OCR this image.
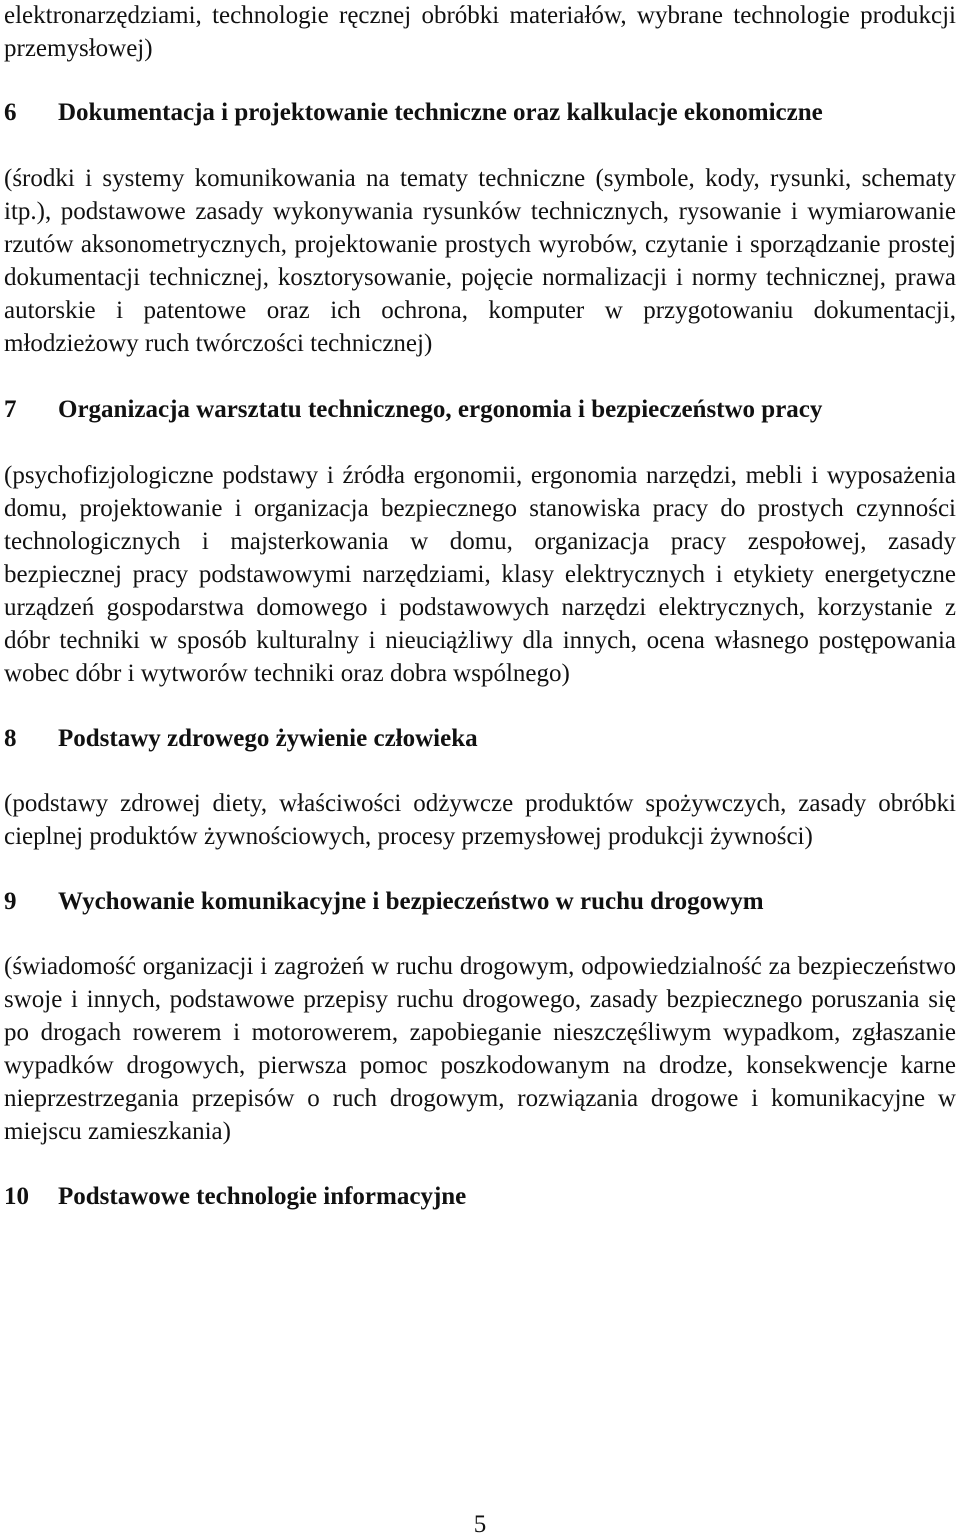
elektronarzędziami, technologie ręcznej obróbki materiałów, wybrane technologie produkcji przemysłowej)

6	Dokumentacja i projektowanie techniczne oraz kalkulacje ekonomiczne

(środki i systemy komunikowania na tematy techniczne (symbole, kody, rysunki, schematy itp.), podstawowe zasady wykonywania rysunków technicznych, rysowanie i wymiarowanie rzutów aksonometrycznych, projektowanie prostych wyrobów, czytanie i sporządzanie prostej dokumentacji technicznej, kosztorysowanie, pojęcie normalizacji i normy technicznej, prawa autorskie i patentowe oraz ich ochrona, komputer w przygotowaniu dokumentacji, młodzieżowy ruch twórczości technicznej)

7	Organizacja warsztatu technicznego, ergonomia i bezpieczeństwo pracy

(psychofizjologiczne podstawy i źródła ergonomii, ergonomia narzędzi, mebli i wyposażenia domu, projektowanie i organizacja bezpiecznego stanowiska pracy do prostych czynności technologicznych i majsterkowania w domu, organizacja pracy zespołowej, zasady bezpiecznej pracy podstawowymi narzędziami, klasy elektrycznych i etykiety energetyczne urządzeń gospodarstwa domowego i podstawowych narzędzi elektrycznych, korzystanie z dóbr techniki w sposób kulturalny i nieuciążliwy dla innych, ocena własnego postępowania wobec dóbr i wytworów techniki oraz dobra wspólnego)

8	Podstawy zdrowego żywienie człowieka

(podstawy zdrowej diety, właściwości odżywcze produktów spożywczych, zasady obróbki cieplnej produktów żywnościowych, procesy przemysłowej produkcji żywności)

9	Wychowanie komunikacyjne i bezpieczeństwo w ruchu drogowym

(świadomość organizacji i zagrożeń w ruchu drogowym, odpowiedzialność za bezpieczeństwo swoje i innych, podstawowe przepisy ruchu drogowego, zasady bezpiecznego poruszania się po drogach rowerem i motorowerem, zapobieganie nieszczęśliwym wypadkom, zgłaszanie wypadków drogowych, pierwsza pomoc poszkodowanym na drodze, konsekwencje karne nieprzestrzegania przepisów o ruch drogowym, rozwiązania drogowe i komunikacyjne w miejscu zamieszkania)

10	Podstawowe technologie informacyjne
5
